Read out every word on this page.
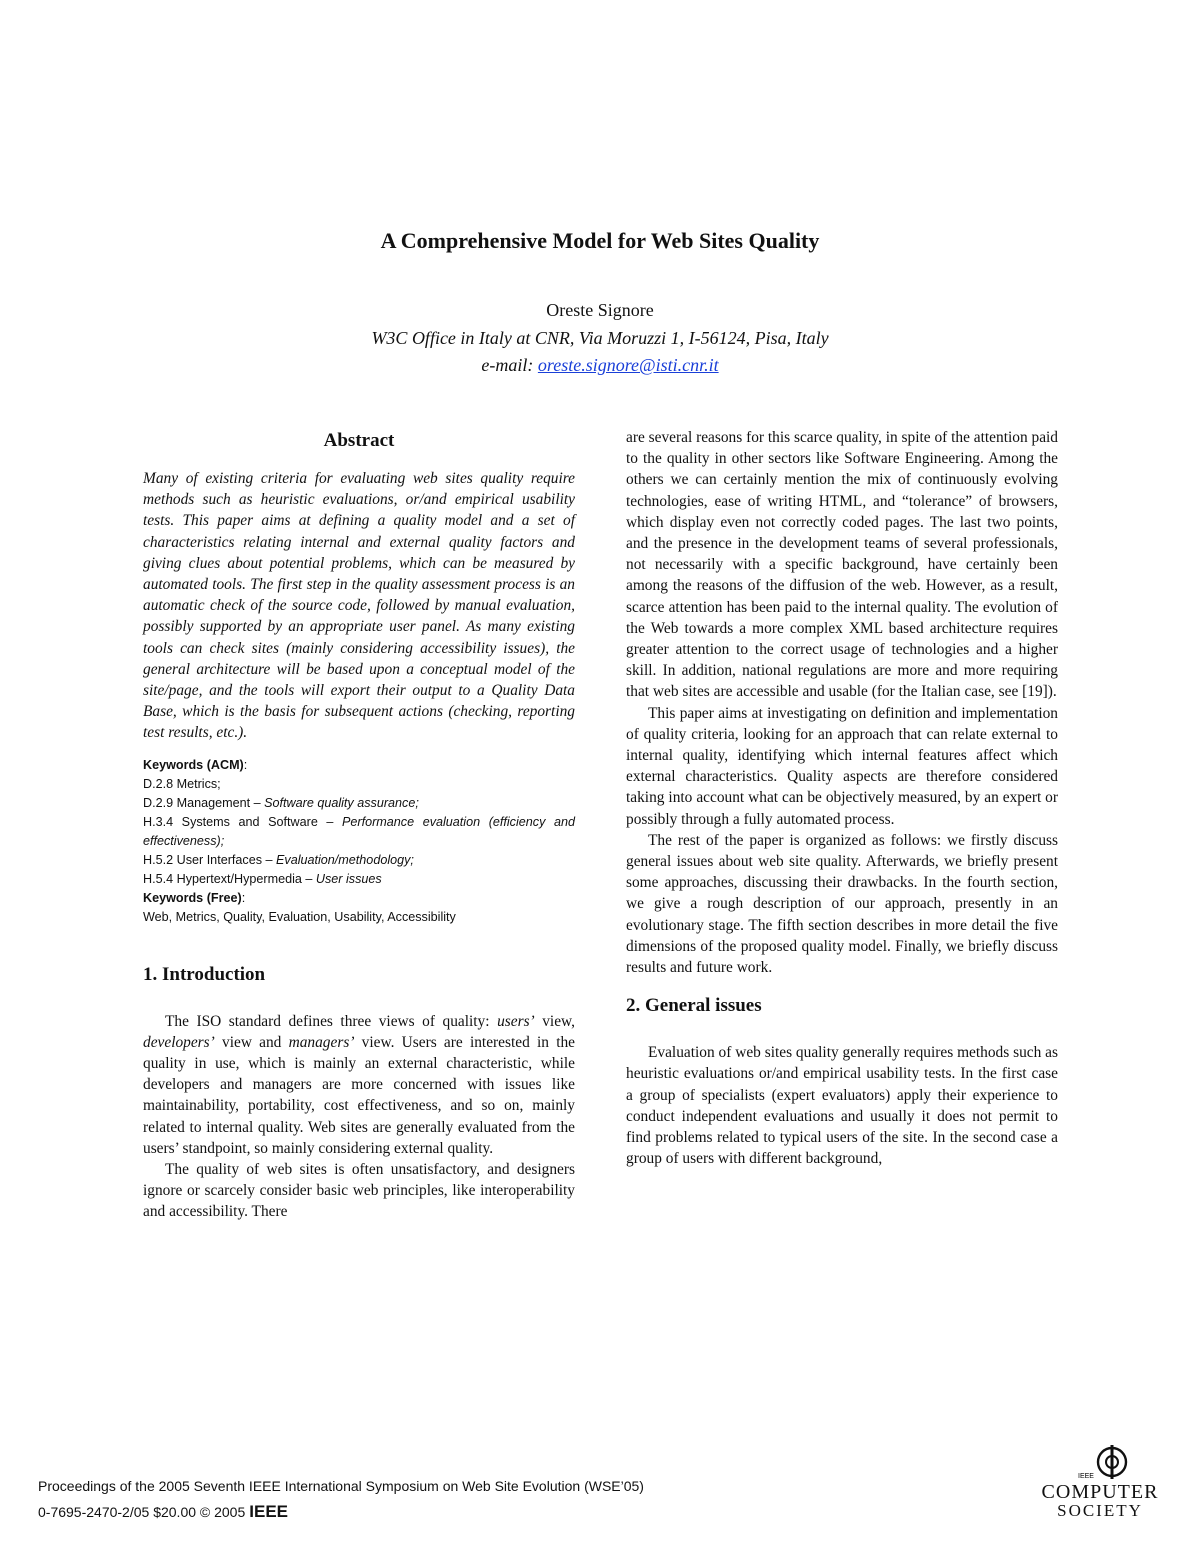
A Comprehensive Model for Web Sites Quality
Oreste Signore
W3C Office in Italy at CNR, Via Moruzzi 1, I-56124, Pisa, Italy
e-mail: oreste.signore@isti.cnr.it
Abstract

Many of existing criteria for evaluating web sites quality require methods such as heuristic evaluations, or/and empirical usability tests. This paper aims at defining a quality model and a set of characteristics relating internal and external quality factors and giving clues about potential problems, which can be measured by automated tools. The first step in the quality assessment process is an automatic check of the source code, followed by manual evaluation, possibly supported by an appropriate user panel. As many existing tools can check sites (mainly considering accessibility issues), the general architecture will be based upon a conceptual model of the site/page, and the tools will export their output to a Quality Data Base, which is the basis for subsequent actions (checking, reporting test results, etc.).

Keywords (ACM):

D.2.8 Metrics;

D.2.9 Management – Software quality assurance;

H.3.4 Systems and Software – Performance evaluation (efficiency and effectiveness);

H.5.2 User Interfaces – Evaluation/methodology;

H.5.4 Hypertext/Hypermedia – User issues

Keywords (Free):

Web, Metrics, Quality, Evaluation, Usability, Accessibility

1. Introduction

The ISO standard defines three views of quality: users’ view, developers’ view and managers’ view. Users are interested in the quality in use, which is mainly an external characteristic, while developers and managers are more concerned with issues like maintainability, portability, cost effectiveness, and so on, mainly related to internal quality. Web sites are generally evaluated from the users’ standpoint, so mainly considering external quality.

The quality of web sites is often unsatisfactory, and designers ignore or scarcely consider basic web principles, like interoperability and accessibility. There

are several reasons for this scarce quality, in spite of the attention paid to the quality in other sectors like Software Engineering. Among the others we can certainly mention the mix of continuously evolving technologies, ease of writing HTML, and “tolerance” of browsers, which display even not correctly coded pages. The last two points, and the presence in the development teams of several professionals, not necessarily with a specific background, have certainly been among the reasons of the diffusion of the web. However, as a result, scarce attention has been paid to the internal quality. The evolution of the Web towards a more complex XML based architecture requires greater attention to the correct usage of technologies and a higher skill. In addition, national regulations are more and more requiring that web sites are accessible and usable (for the Italian case, see [19]).

This paper aims at investigating on definition and implementation of quality criteria, looking for an approach that can relate external to internal quality, identifying which internal features affect which external characteristics. Quality aspects are therefore considered taking into account what can be objectively measured, by an expert or possibly through a fully automated process.

The rest of the paper is organized as follows: we firstly discuss general issues about web site quality. Afterwards, we briefly present some approaches, discussing their drawbacks. In the fourth section, we give a rough description of our approach, presently in an evolutionary stage. The fifth section describes in more detail the five dimensions of the proposed quality model. Finally, we briefly discuss results and future work.

2. General issues

Evaluation of web sites quality generally requires methods such as heuristic evaluations or/and empirical usability tests. In the first case a group of specialists (expert evaluators) apply their experience to conduct independent evaluations and usually it does not permit to find problems related to typical users of the site. In the second case a group of users with different background,

Proceedings of the 2005 Seventh IEEE International Symposium on Web Site Evolution (WSE’05)
0-7695-2470-2/05 $20.00 © 2005 IEEE
IEEE
COMPUTER
SOCIETY
